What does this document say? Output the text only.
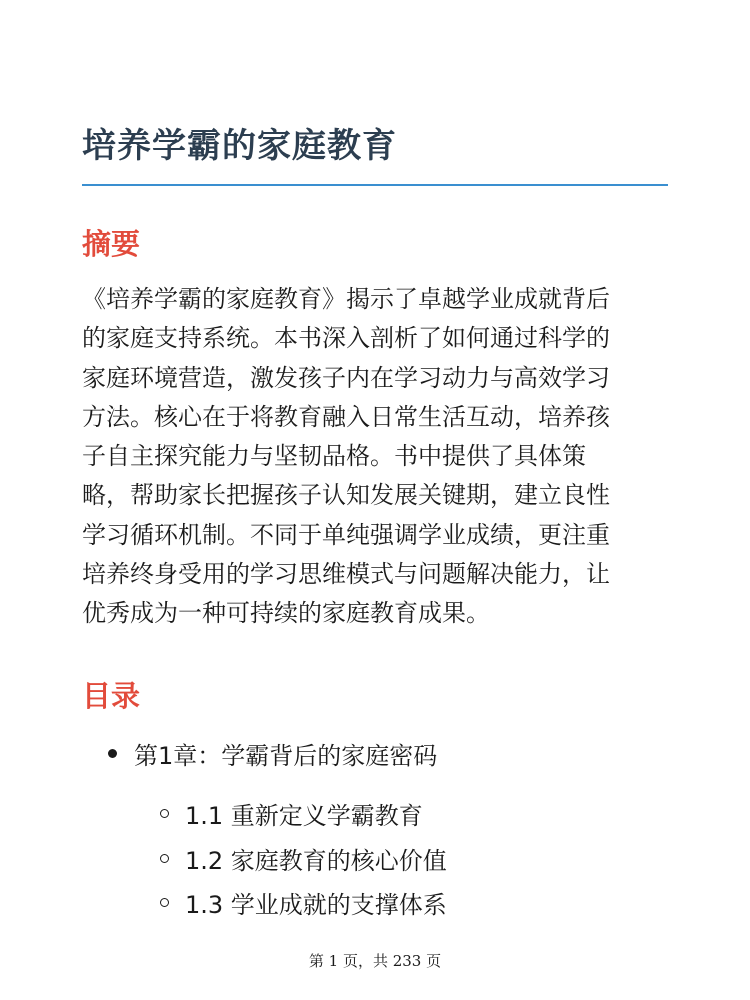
培养学霸的家庭教育
摘要

《培养学霸的家庭教育》揭示了卓越学业成就背后
的家庭支持系统。本书深入剖析了如何通过科学的
家庭环境营造，激发孩子内在学习动力与高效学习
方法。核心在于将教育融入日常生活互动，培养孩
子自主探究能力与坚韧品格。书中提供了具体策
略，帮助家长把握孩子认知发展关键期，建立良性
学习循环机制。不同于单纯强调学业成绩，更注重
培养终身受用的学习思维模式与问题解决能力，让
优秀成为一种可持续的家庭教育成果。

目录
第1章：学霸背后的家庭密码
1.1 重新定义学霸教育
1.2 家庭教育的核心价值
1.3 学业成就的支撑体系
第 1 页，共 233 页
